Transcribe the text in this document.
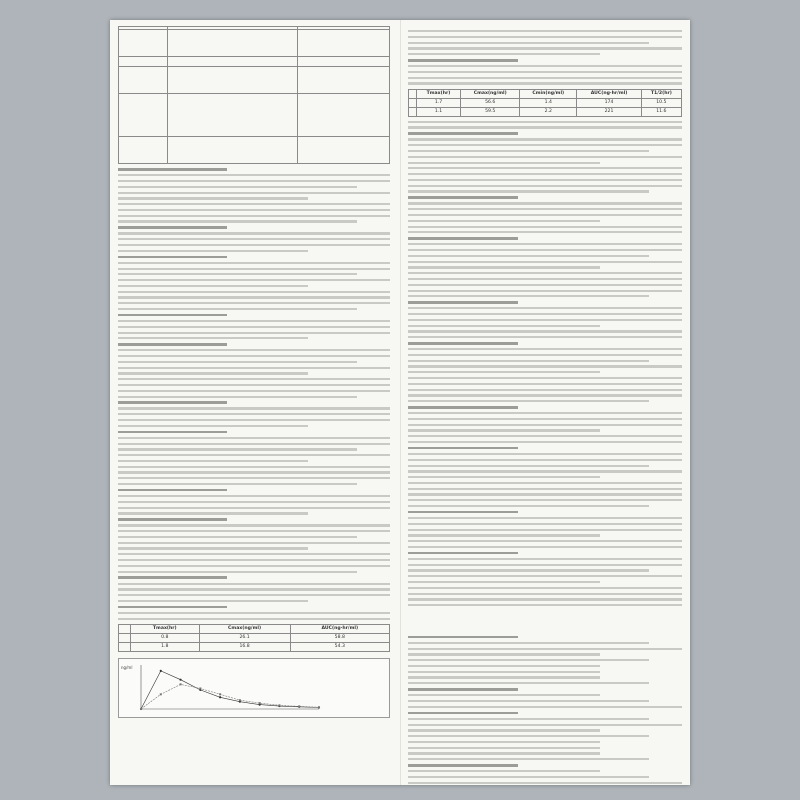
	Tmax(hr)	Cmax(ng/ml)	AUC(ng·hr/ml)
	0.8	26.1	58.8
	1.8	16.8	54.3
ng/ml
	Tmax(hr)	Cmax(ng/ml)	Cmin(ng/ml)	AUC(ng·hr/ml)	T1/2(hr)
	1.7	56.6	1.4	174	10.5
	1.1	59.5	2.2	221	11.6
